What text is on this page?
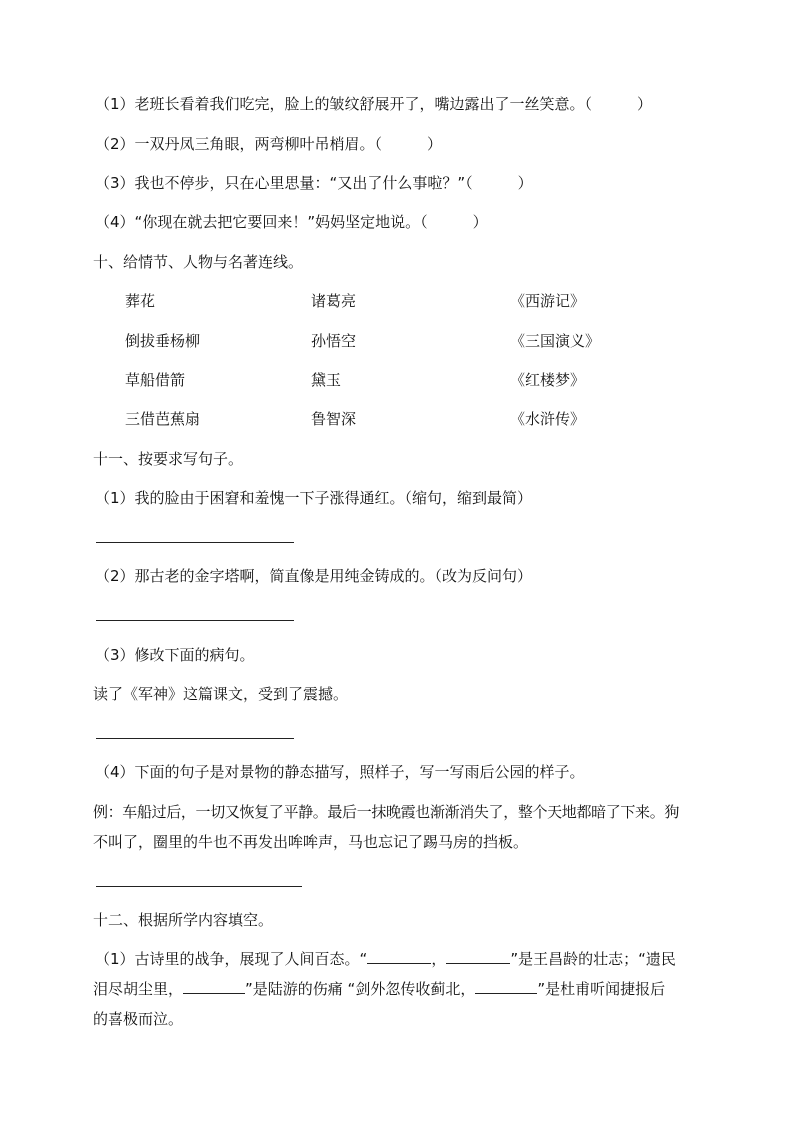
（1）老班长看着我们吃完，脸上的皱纹舒展开了，嘴边露出了一丝笑意。（　　　）
（2）一双丹凤三角眼，两弯柳叶吊梢眉。（　　　）
（3）我也不停步，只在心里思量：“又出了什么事啦？”（　　　）
（4）“你现在就去把它要回来！”妈妈坚定地说。（　　　）
十、给情节、人物与名著连线。
葬花	诸葛亮	《西游记》
倒拔垂杨柳	孙悟空	《三国演义》
草船借箭	黛玉	《红楼梦》
三借芭蕉扇	鲁智深	《水浒传》
十一、按要求写句子。
（1）我的脸由于困窘和羞愧一下子涨得通红。（缩句，缩到最简）
（2）那古老的金字塔啊，简直像是用纯金铸成的。（改为反问句）
（3）修改下面的病句。
读了《军神》这篇课文，受到了震撼。
（4）下面的句子是对景物的静态描写，照样子，写一写雨后公园的样子。
例：车船过后，一切又恢复了平静。最后一抹晚霞也渐渐消失了，整个天地都暗了下来。狗
不叫了，圈里的牛也不再发出哞哞声，马也忘记了踢马房的挡板。
十二、根据所学内容填空。
（1）古诗里的战争，展现了人间百态。“	，	”是王昌龄的壮志；“遗民
泪尽胡尘里，	”是陆游的伤痛 “剑外忽传收蓟北，	”是杜甫听闻捷报后
的喜极而泣。
